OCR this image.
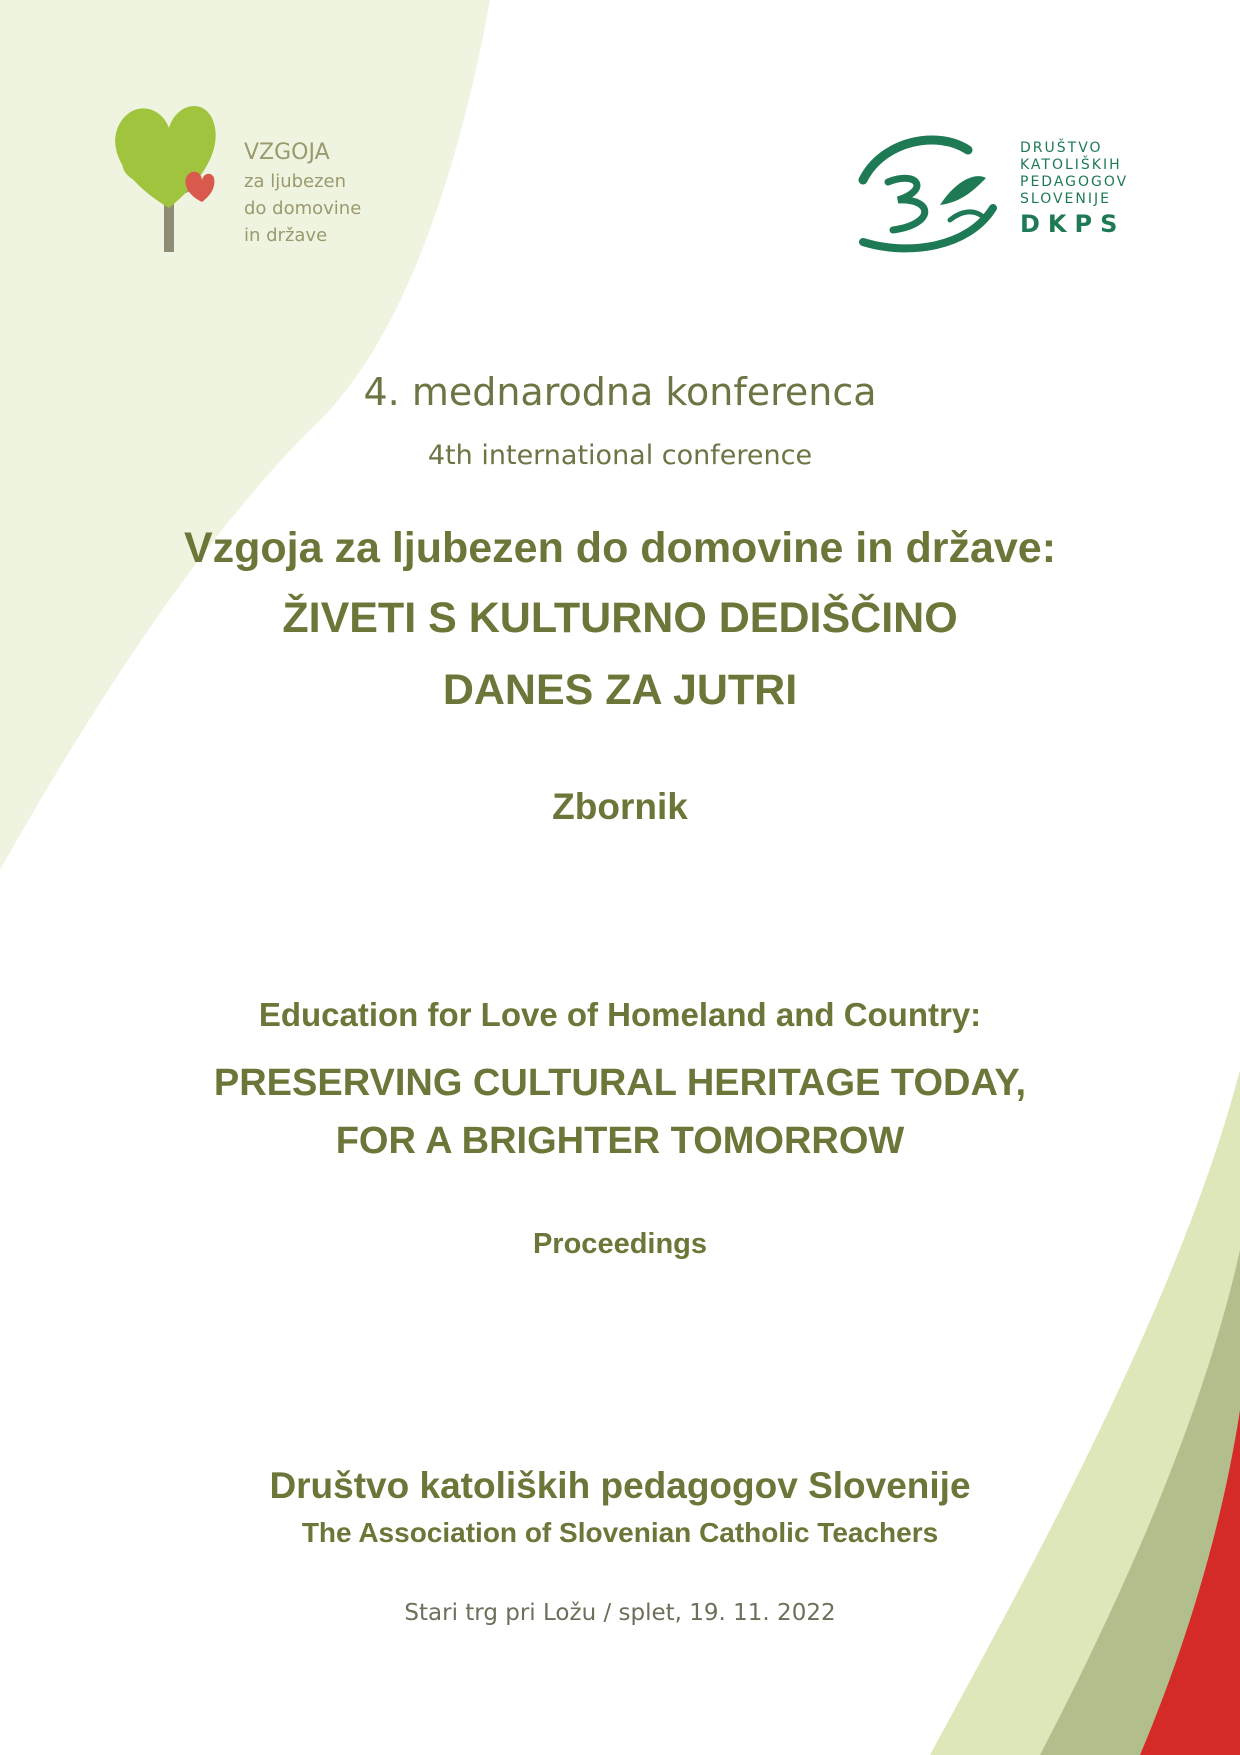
VZGOJA
za ljubezen
do domovine
in države
DRUŠTVO
KATOLIŠKIH
PEDAGOGOV
SLOVENIJE
DKPS
4. mednarodna konferenca
4th international conference
Vzgoja za ljubezen do domovine in države:
ŽIVETI S KULTURNO DEDIŠČINO
DANES ZA JUTRI
Zbornik
Education for Love of Homeland and Country:
PRESERVING CULTURAL HERITAGE TODAY,
FOR A BRIGHTER TOMORROW
Proceedings
Društvo katoliških pedagogov Slovenije
The Association of Slovenian Catholic Teachers
Stari trg pri Ložu / splet, 19. 11. 2022
